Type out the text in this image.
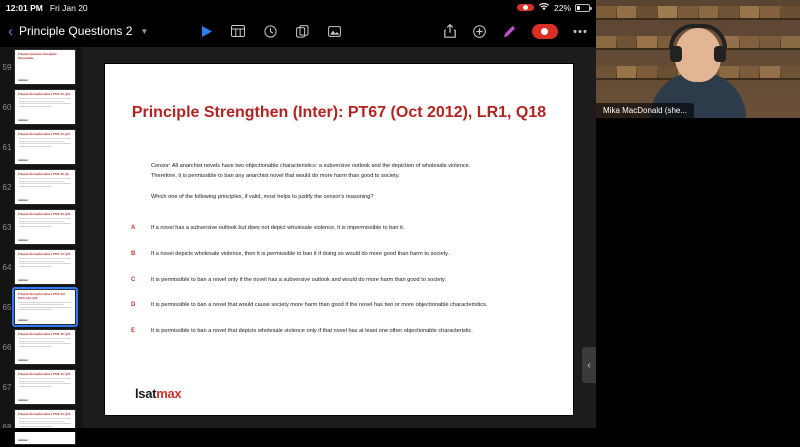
12:01 PM Fri Jan 20	22%
‹ Principle Questions 2 ▼
59
Principle Questions Strengthen Intermediate
lsatmax
60
Principle Strengthen (Inter): PT64, S3, Q14
lsatmax
61
Principle Strengthen (Inter): PT65, S4, Q11
lsatmax
62
Principle Strengthen (Inter): PT66, S2, Q9
lsatmax
63
Principle Strengthen (Inter): PT66, S4, Q16
lsatmax
64
Principle Strengthen (Inter): PT67, S1, Q13
lsatmax
65
Principle Strengthen (Inter): PT67 (Oct 2012), LR1, Q18
lsatmax
66
Principle Strengthen (Inter): PT68, S2, Q12
lsatmax
67
Principle Strengthen (Inter): PT69, S1, Q10
lsatmax
Principle Strengthen (Inter): PT69, S4, Q19
lsatmax
Principle Strengthen (Inter): PT67 (Oct 2012), LR1, Q18

Censor: All anarchist novels have two objectionable characteristics: a subversive outlook and the depiction of wholesale violence. Therefore, it is permissible to ban any anarchist novel that would do more harm than good to society.

Which one of the following principles, if valid, most helps to justify the censor's reasoning?

A	If a novel has a subversive outlook but does not depict wholesale violence, it is impermissible to ban it.
B	If a novel depicts wholesale violence, then it is permissible to ban it if doing so would do more good than harm to society.
C	It is permissible to ban a novel only if the novel has a subversive outlook and would do more harm than good to society.
D	It is permissible to ban a novel that would cause society more harm than good if the novel has two or more objectionable characteristics.
E	It is permissible to ban a novel that depicts wholesale violence only if that novel has at least one other objectionable characteristic.
lsatmax
‹
Mika MacDonald (she...
